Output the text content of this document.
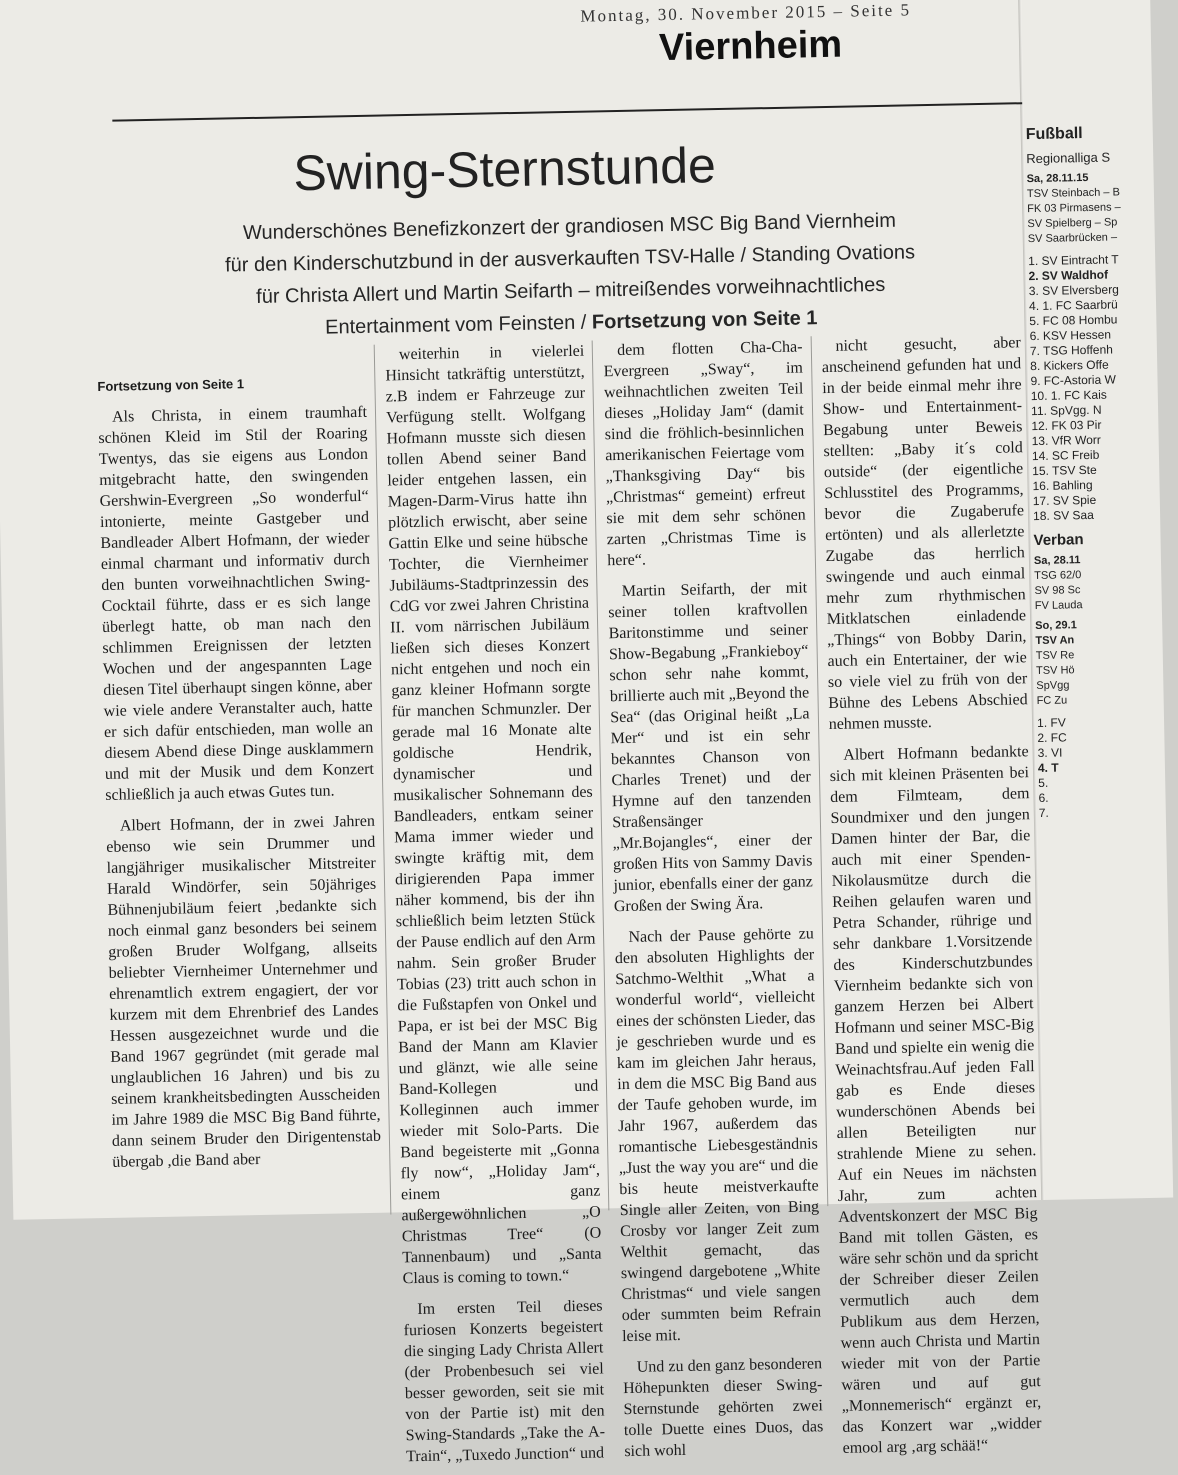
Montag, 30. November 2015 – Seite 5
Viernheim
Swing-Sternstunde
Wunderschönes Benefizkonzert der grandiosen MSC Big Band Viernheim
für den Kinderschutzbund in der ausverkauften TSV-Halle / Standing Ovations
für Christa Allert und Martin Seifarth – mitreißendes vorweihnachtliches
Entertainment vom Feinsten / Fortsetzung von Seite 1
Fortsetzung von Seite 1

Als Christa, in einem traumhaft schönen Kleid im Stil der Roaring Twentys, das sie eigens aus London mitgebracht hatte, den swingenden Gershwin-Evergreen „So wonderful“ intonierte, meinte Gastgeber und Bandleader Albert Hofmann, der wieder einmal charmant und informativ durch den bunten vorweihnachtlichen Swing-Cocktail führte, dass er es sich lange überlegt hatte, ob man nach den schlimmen Ereignissen der letzten Wochen und der angespannten Lage diesen Titel überhaupt singen könne, aber wie viele andere Veranstalter auch, hatte er sich dafür entschieden, man wolle an diesem Abend diese Dinge ausklammern und mit der Musik und dem Konzert schließlich ja auch etwas Gutes tun.

Albert Hofmann, der in zwei Jahren ebenso wie sein Drummer und langjähriger musikalischer Mitstreiter Harald Windörfer, sein 50jähriges Bühnenjubiläum feiert ,bedankte sich noch einmal ganz besonders bei seinem großen Bruder Wolfgang, allseits beliebter Viernheimer Unternehmer und ehrenamtlich extrem engagiert, der vor kurzem mit dem Ehrenbrief des Landes Hessen ausgezeichnet wurde und die Band 1967 gegründet (mit gerade mal unglaublichen 16 Jahren) und bis zu seinem krankheitsbedingten Ausscheiden im Jahre 1989 die MSC Big Band führte, dann seinem Bruder den Dirigentenstab übergab ,die Band aber

weiterhin in vielerlei Hinsicht tatkräftig unterstützt, z.B indem er Fahrzeuge zur Verfügung stellt. Wolfgang Hofmann musste sich diesen tollen Abend seiner Band leider entgehen lassen, ein Magen-Darm-Virus hatte ihn plötzlich erwischt, aber seine Gattin Elke und seine hübsche Tochter, die Viernheimer Jubiläums-Stadtprinzessin des CdG vor zwei Jahren Christina II. vom närrischen Jubiläum ließen sich dieses Konzert nicht entgehen und noch ein ganz kleiner Hofmann sorgte für manchen Schmunzler. Der gerade mal 16 Monate alte goldische Hendrik, dynamischer und musikalischer Sohnemann des Bandleaders, entkam seiner Mama immer wieder und swingte kräftig mit, dem dirigierenden Papa immer näher kommend, bis der ihn schließlich beim letzten Stück der Pause endlich auf den Arm nahm. Sein großer Bruder Tobias (23) tritt auch schon in die Fußstapfen von Onkel und Papa, er ist bei der MSC Big Band der Mann am Klavier und glänzt, wie alle seine Band-Kollegen und Kolleginnen auch immer wieder mit Solo-Parts. Die Band begeisterte mit „Gonna fly now“, „Holiday Jam“, einem ganz außergewöhnlichen „O Christmas Tree“ (O Tannenbaum) und „Santa Claus is coming to town.“

Im ersten Teil dieses furiosen Konzerts begeistert die singing Lady Christa Allert (der Probenbesuch sei viel besser geworden, seit sie mit von der Partie ist) mit den Swing-Standards „Take the A-Train“, „Tuxedo Junction“ und

dem flotten Cha-Cha-Evergreen „Sway“, im weihnachtlichen zweiten Teil dieses „Holiday Jam“ (damit sind die fröhlich-besinnlichen amerikanischen Feiertage vom „Thanksgiving Day“ bis „Christmas“ gemeint) erfreut sie mit dem sehr schönen zarten „Christmas Time is here“.

Martin Seifarth, der mit seiner tollen kraftvollen Baritonstimme und seiner Show-Begabung „Frankieboy“ schon sehr nahe kommt, brillierte auch mit „Beyond the Sea“ (das Original heißt „La Mer“ und ist ein sehr bekanntes Chanson von Charles Trenet) und der Hymne auf den tanzenden Straßensänger „Mr.Bojangles“, einer der großen Hits von Sammy Davis junior, ebenfalls einer der ganz Großen der Swing Ära.

Nach der Pause gehörte zu den absoluten Highlights der Satchmo-Welthit „What a wonderful world“, vielleicht eines der schönsten Lieder, das je geschrieben wurde und es kam im gleichen Jahr heraus, in dem die MSC Big Band aus der Taufe gehoben wurde, im Jahr 1967, außerdem das romantische Liebesgeständnis „Just the way you are“ und die bis heute meistverkaufte Single aller Zeiten, von Bing Crosby vor langer Zeit zum Welthit gemacht, das swingend dargebotene „White Christmas“ und viele sangen oder summten beim Refrain leise mit.

Und zu den ganz besonderen Höhepunkten dieser Swing-Sternstunde gehörten zwei tolle Duette eines Duos, das sich wohl

nicht gesucht, aber anscheinend gefunden hat und in der beide einmal mehr ihre Show- und Entertainment-Begabung unter Beweis stellten: „Baby it´s cold outside“ (der eigentliche Schlusstitel des Programms, bevor die Zugaberufe ertönten) und als allerletzte Zugabe das herrlich swingende und auch einmal mehr zum rhythmischen Mitklatschen einladende „Things“ von Bobby Darin, auch ein Entertainer, der wie so viele viel zu früh von der Bühne des Lebens Abschied nehmen musste.

Albert Hofmann bedankte sich mit kleinen Präsenten bei dem Filmteam, dem Soundmixer und den jungen Damen hinter der Bar, die auch mit einer Spenden-Nikolausmütze durch die Reihen gelaufen waren und Petra Schander, rührige und sehr dankbare 1.Vorsitzende des Kinderschutzbundes Viernheim bedankte sich von ganzem Herzen bei Albert Hofmann und seiner MSC-Big Band und spielte ein wenig die Weinachtsfrau.Auf jeden Fall gab es Ende dieses wunderschönen Abends bei allen Beteiligten nur strahlende Miene zu sehen. Auf ein Neues im nächsten Jahr, zum achten Adventskonzert der MSC Big Band mit tollen Gästen, es wäre sehr schön und da spricht der Schreiber dieser Zeilen vermutlich auch dem Publikum aus dem Herzen, wenn auch Christa und Martin wieder mit von der Partie wären und auf gut „Monnemerisch“ ergänzt er, das Konzert war „widder emool arg ‚arg schää!“

Fußball
Regionalliga S
Sa, 28.11.15
TSV Steinbach – B
FK 03 Pirmasens –
SV Spielberg – Sp
SV Saarbrücken –
1. SV Eintracht T
2. SV Waldhof
3. SV Elversberg
4. 1. FC Saarbrü
5. FC 08 Hombu
6. KSV Hessen
7. TSG Hoffenh
8. Kickers Offe
9. FC-Astoria W
10. 1. FC Kais
11. SpVgg. N
12. FK 03 Pir
13. VfR Worr
14. SC Freib
15. TSV Ste
16. Bahling
17. SV Spie
18. SV Saa
Verban
Sa, 28.11
TSG 62/0
SV 98 Sc
FV Lauda
So, 29.1
TSV An
TSV Re
TSV Hö
SpVgg
FC Zu
1. FV
2. FC
3. VI
4. T
5.
6.
7.
